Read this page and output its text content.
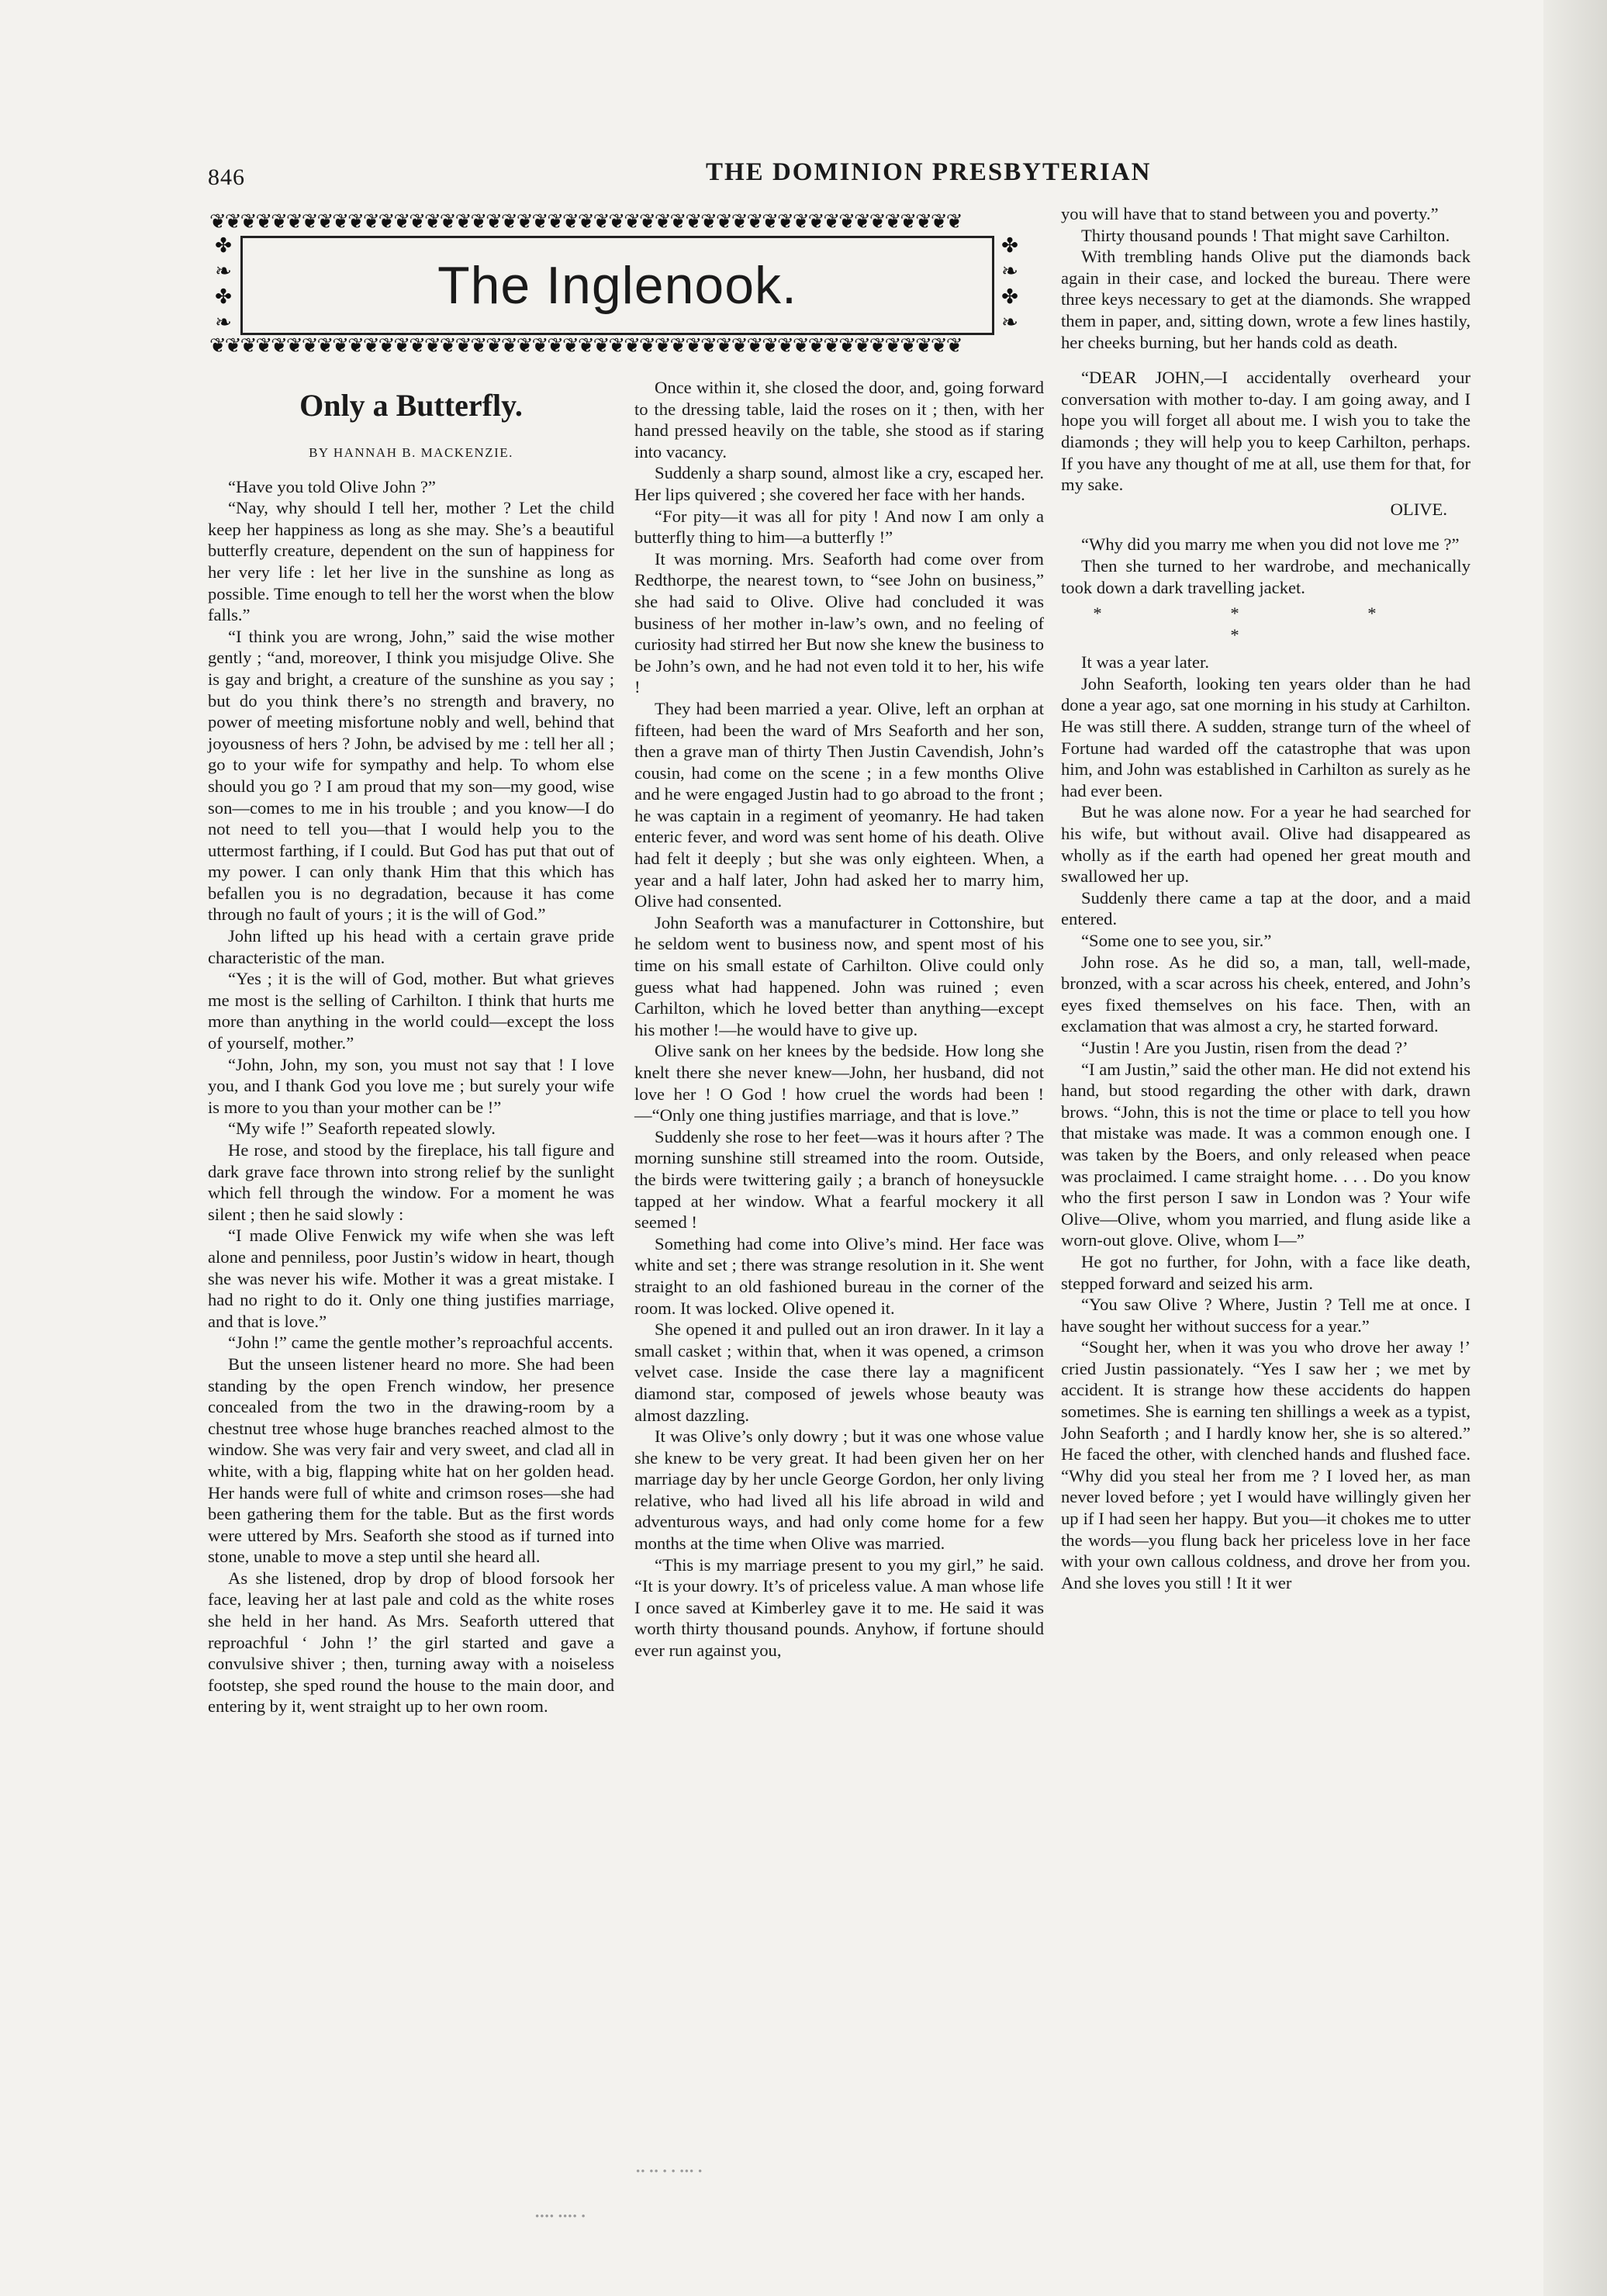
846	THE DOMINION PRESBYTERIAN
❦❦❦❦❦❦❦❦❦❦❦❦❦❦❦❦❦❦❦❦❦❦❦❦❦❦❦❦❦❦❦❦❦❦❦❦❦❦❦❦❦❦❦❦❦❦❦❦❦
✤
❧
✤
❧
✤
❧
✤
❧
The Inglenook.
❦❦❦❦❦❦❦❦❦❦❦❦❦❦❦❦❦❦❦❦❦❦❦❦❦❦❦❦❦❦❦❦❦❦❦❦❦❦❦❦❦❦❦❦❦❦❦❦❦
Only a Butterfly.
BY HANNAH B. MACKENZIE.

“Have you told Olive John ?”

“Nay, why should I tell her, mother ? Let the child keep her happiness as long as she may. She’s a beautiful butterfly creature, dependent on the sun of happiness for her very life : let her live in the sunshine as long as possible. Time enough to tell her the worst when the blow falls.”

“I think you are wrong, John,” said the wise mother gently ; “and, moreover, I think you misjudge Olive. She is gay and bright, a creature of the sunshine as you say ; but do you think there’s no strength and bravery, no power of meeting misfortune nobly and well, behind that joyousness of hers ? John, be advised by me : tell her all ; go to your wife for sympathy and help. To whom else should you go ? I am proud that my son—my good, wise son—comes to me in his trouble ; and you know—I do not need to tell you—that I would help you to the uttermost farthing, if I could. But God has put that out of my power. I can only thank Him that this which has befallen you is no degradation, because it has come through no fault of yours ; it is the will of God.”

John lifted up his head with a certain grave pride characteristic of the man.

“Yes ; it is the will of God, mother. But what grieves me most is the selling of Carhilton. I think that hurts me more than anything in the world could—except the loss of yourself, mother.”

“John, John, my son, you must not say that ! I love you, and I thank God you love me ; but surely your wife is more to you than your mother can be !”

“My wife !” Seaforth repeated slowly.

He rose, and stood by the fireplace, his tall figure and dark grave face thrown into strong relief by the sunlight which fell through the window. For a moment he was silent ; then he said slowly :

“I made Olive Fenwick my wife when she was left alone and penniless, poor Justin’s widow in heart, though she was never his wife. Mother it was a great mistake. I had no right to do it. Only one thing justifies marriage, and that is love.”

“John !” came the gentle mother’s reproachful accents.

But the unseen listener heard no more. She had been standing by the open French window, her presence concealed from the two in the drawing-room by a chestnut tree whose huge branches reached almost to the window. She was very fair and very sweet, and clad all in white, with a big, flapping white hat on her golden head. Her hands were full of white and crimson roses—she had been gathering them for the table. But as the first words were uttered by Mrs. Seaforth she stood as if turned into stone, unable to move a step until she heard all.

As she listened, drop by drop of blood forsook her face, leaving her at last pale and cold as the white roses she held in her hand. As Mrs. Seaforth uttered that reproachful ‘ John !’ the girl started and gave a convulsive shiver ; then, turning away with a noiseless footstep, she sped round the house to the main door, and entering by it, went straight up to her own room.

Once within it, she closed the door, and, going forward to the dressing table, laid the roses on it ; then, with her hand pressed heavily on the table, she stood as if staring into vacancy.

Suddenly a sharp sound, almost like a cry, escaped her. Her lips quivered ; she covered her face with her hands.

“For pity—it was all for pity ! And now I am only a butterfly thing to him—a butterfly !”

It was morning. Mrs. Seaforth had come over from Redthorpe, the nearest town, to “see John on business,” she had said to Olive. Olive had concluded it was business of her mother in-law’s own, and no feeling of curiosity had stirred her But now she knew the business to be John’s own, and he had not even told it to her, his wife !

They had been married a year. Olive, left an orphan at fifteen, had been the ward of Mrs Seaforth and her son, then a grave man of thirty Then Justin Cavendish, John’s cousin, had come on the scene ; in a few months Olive and he were engaged Justin had to go abroad to the front ; he was captain in a regiment of yeomanry. He had taken enteric fever, and word was sent home of his death. Olive had felt it deeply ; but she was only eighteen. When, a year and a half later, John had asked her to marry him, Olive had consented.

John Seaforth was a manufacturer in Cottonshire, but he seldom went to business now, and spent most of his time on his small estate of Carhilton. Olive could only guess what had happened. John was ruined ; even Carhilton, which he loved better than anything—except his mother !—he would have to give up.

Olive sank on her knees by the bedside. How long she knelt there she never knew—John, her husband, did not love her ! O God ! how cruel the words had been !—“Only one thing justifies marriage, and that is love.”

Suddenly she rose to her feet—was it hours after ? The morning sunshine still streamed into the room. Outside, the birds were twittering gaily ; a branch of honeysuckle tapped at her window. What a fearful mockery it all seemed !

Something had come into Olive’s mind. Her face was white and set ; there was strange resolution in it. She went straight to an old fashioned bureau in the corner of the room. It was locked. Olive opened it.

She opened it and pulled out an iron drawer. In it lay a small casket ; within that, when it was opened, a crimson velvet case. Inside the case there lay a magnificent diamond star, composed of jewels whose beauty was almost dazzling.

It was Olive’s only dowry ; but it was one whose value she knew to be very great. It had been given her on her marriage day by her uncle George Gordon, her only living relative, who had lived all his life abroad in wild and adventurous ways, and had only come home for a few months at the time when Olive was married.

“This is my marriage present to you my girl,” he said. “It is your dowry. It’s of priceless value. A man whose life I once saved at Kimberley gave it to me. He said it was worth thirty thousand pounds. Anyhow, if fortune should ever run against you,

you will have that to stand between you and poverty.”

Thirty thousand pounds ! That might save Carhilton.

With trembling hands Olive put the diamonds back again in their case, and locked the bureau. There were three keys necessary to get at the diamonds. She wrapped them in paper, and, sitting down, wrote a few lines hastily, her cheeks burning, but her hands cold as death.

“DEAR JOHN,—I accidentally overheard your conversation with mother to-day. I am going away, and I hope you will forget all about me. I wish you to take the diamonds ; they will help you to keep Carhilton, perhaps. If you have any thought of me at all, use them for that, for my sake.

OLIVE.

“Why did you marry me when you did not love me ?”

Then she turned to her wardrobe, and mechanically took down a dark travelling jacket.

* * * *

It was a year later.

John Seaforth, looking ten years older than he had done a year ago, sat one morning in his study at Carhilton. He was still there. A sudden, strange turn of the wheel of Fortune had warded off the catastrophe that was upon him, and John was established in Carhilton as surely as he had ever been.

But he was alone now. For a year he had searched for his wife, but without avail. Olive had disappeared as wholly as if the earth had opened her great mouth and swallowed her up.

Suddenly there came a tap at the door, and a maid entered.

“Some one to see you, sir.”

John rose. As he did so, a man, tall, well-made, bronzed, with a scar across his cheek, entered, and John’s eyes fixed themselves on his face. Then, with an exclamation that was almost a cry, he started forward.

“Justin ! Are you Justin, risen from the dead ?’

“I am Justin,” said the other man. He did not extend his hand, but stood regarding the other with dark, drawn brows. “John, this is not the time or place to tell you how that mistake was made. It was a common enough one. I was taken by the Boers, and only released when peace was proclaimed. I came straight home. . . . Do you know who the first person I saw in London was ? Your wife Olive—Olive, whom you married, and flung aside like a worn-out glove. Olive, whom I—”

He got no further, for John, with a face like death, stepped forward and seized his arm.

“You saw Olive ? Where, Justin ? Tell me at once. I have sought her without success for a year.”

“Sought her, when it was you who drove her away !’ cried Justin passionately. “Yes I saw her ; we met by accident. It is strange how these accidents do happen sometimes. She is earning ten shillings a week as a typist, John Seaforth ; and I hardly know her, she is so altered.” He faced the other, with clenched hands and flushed face. “Why did you steal her from me ? I loved her, as man never loved before ; yet I would have willingly given her up if I had seen her happy. But you—it chokes me to utter the words—you flung back her priceless love in her face with your own callous coldness, and drove her from you. And she loves you still ! It it wer

•• •• • • ••• •
•••• •••• •
